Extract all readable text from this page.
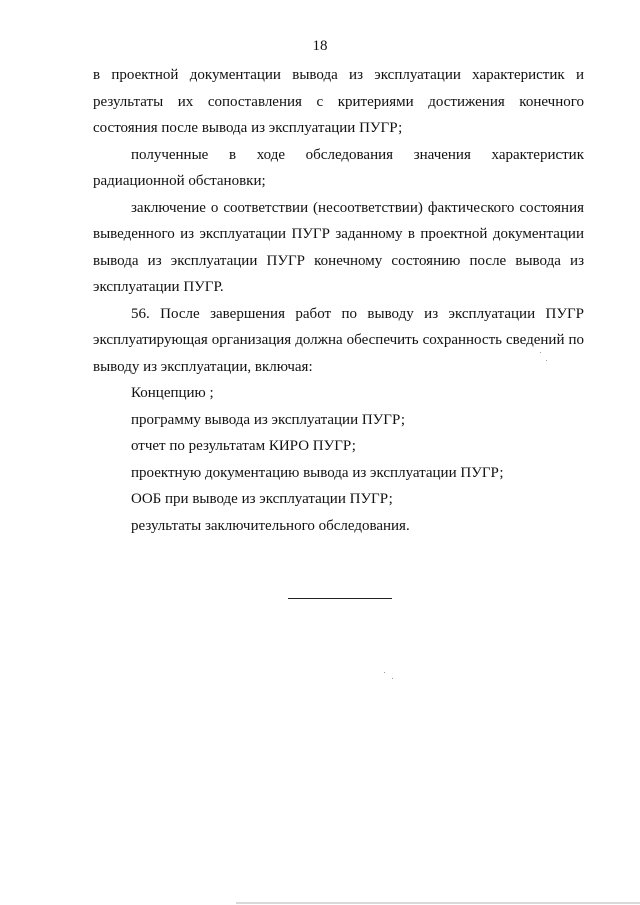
18

в проектной документации вывода из эксплуатации характеристик и результаты их сопоставления с критериями достижения конечного состояния после вывода из эксплуатации ПУГР;

полученные в ходе обследования значения характеристик радиационной обстановки;

заключение о соответствии (несоответствии) фактического состояния выведенного из эксплуатации ПУГР заданному в проектной документации вывода из эксплуатации ПУГР конечному состоянию после вывода из эксплуатации ПУГР.

56. После завершения работ по выводу из эксплуатации ПУГР эксплуатирующая организация должна обеспечить сохранность сведений по выводу из эксплуатации, включая:

Концепцию ;

программу вывода из эксплуатации ПУГР;

отчет по результатам КИРО ПУГР;

проектную документацию вывода из эксплуатации ПУГР;

ООБ при выводе из эксплуатации ПУГР;

результаты заключительного обследования.
